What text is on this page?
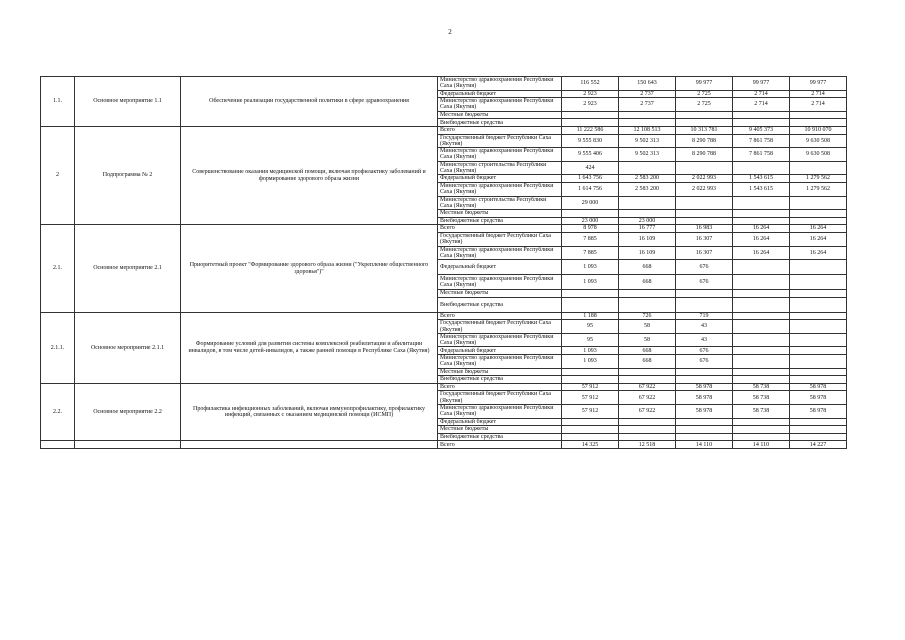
2
1.1.	Основное мероприятие 1.1	Обеспечение реализации государственной политики в сфере здравоохранения	Министерство здравоохранения Республики Саха (Якутия)	116 552	150 643	99 977	99 977	99 977
			Федеральный бюджет	2 923	2 737	2 725	2 714	2 714
			Министерство здравоохранения Республики Саха (Якутия)	2 923	2 737	2 725	2 714	2 714
			Местные бюджеты					
			Внебюджетные средства					
2	Подпрограмма № 2	Совершенствование оказания медицинской помощи, включая профилактику заболеваний и формирование здорового образа жизни	Всего	11 222 586	12 108 513	10 313 781	9 405 373	10 910 070
			Государственный бюджет Республики Саха (Якутия)	9 555 830	9 502 313	8 290 788	7 861 758	9 630 508
			Министерство здравоохранения Республики Саха (Якутия)	9 555 406	9 502 313	8 290 788	7 861 758	9 630 508
			Министерство строительства Республики Саха (Якутия)	424				
			Федеральный бюджет	1 643 756	2 583 200	2 022 993	1 543 615	1 279 562
			Министерство здравоохранения Республики Саха (Якутия)	1 614 756	2 583 200	2 022 993	1 543 615	1 279 562
			Министерство строительства Республики Саха (Якутия)	29 000				
			Местные бюджеты					
			Внебюджетные средства	23 000	23 000			
2.1.	Основное мероприятие 2.1	Приоритетный проект "Формирование здорового образа жизни ("Укрепление общественного здоровья")"	Всего	8 978	16 777	16 983	16 264	16 264
			Государственный бюджет Республики Саха (Якутия)	7 885	16 109	16 307	16 264	16 264
			Министерство здравоохранения Республики Саха (Якутия)	7 885	16 109	16 307	16 264	16 264
			Федеральный бюджет	1 093	668	676		
			Министерство здравоохранения Республики Саха (Якутия)	1 093	668	676		
			Местные бюджеты					
			Внебюджетные средства					
2.1.1.	Основное мероприятие 2.1.1	Формирование условий для развития системы комплексной реабилитации и абилитации инвалидов, в том числе детей-инвалидов, а также ранней помощи в Республике Саха (Якутия)	Всего	1 188	726	719		
			Государственный бюджет Республики Саха (Якутия)	95	58	43		
			Министерство здравоохранения Республики Саха (Якутия)	95	58	43		
			Федеральный бюджет	1 093	668	676		
			Министерство здравоохранения Республики Саха (Якутия)	1 093	668	676		
			Местные бюджеты					
			Внебюджетные средства					
2.2.	Основное мероприятие 2.2	Профилактика инфекционных заболеваний, включая иммунопрофилактику, профилактику инфекций, связанных с оказанием медицинской помощи (ИСМП)	Всего	57 912	67 922	58 978	58 738	58 978
			Государственный бюджет Республики Саха (Якутия)	57 912	67 922	58 978	58 738	58 978
			Министерство здравоохранения Республики Саха (Якутия)	57 912	67 922	58 978	58 738	58 978
			Федеральный бюджет					
			Местные бюджеты					
			Внебюджетные средства					
			Всего	14 325	12 518	14 110	14 110	14 227
